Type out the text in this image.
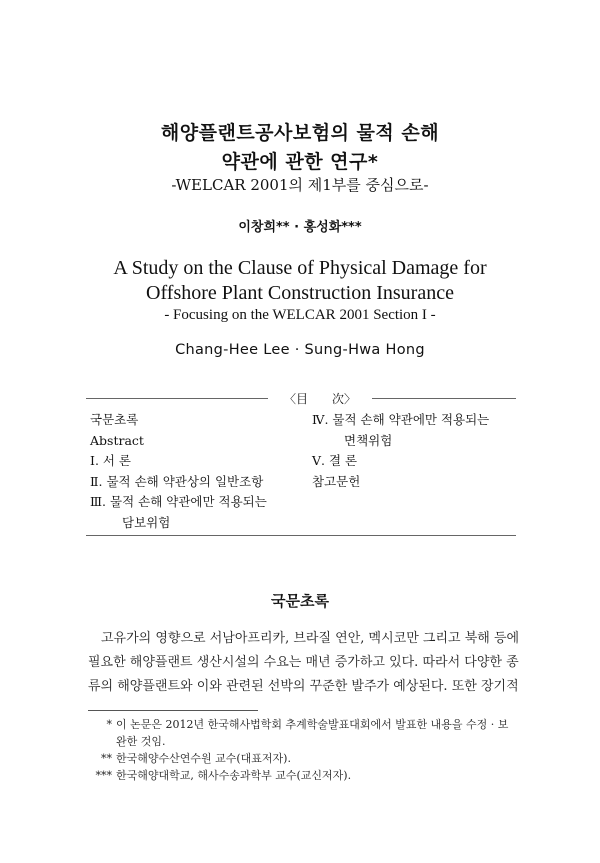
해양플랜트공사보험의 물적 손해
약관에 관한 연구*
-WELCAR 2001의 제1부를 중심으로-
이창희** · 홍성화***
A Study on the Clause of Physical Damage for
Offshore Plant Construction Insurance
- Focusing on the WELCAR 2001 Section I -
Chang-Hee Lee · Sung-Hwa Hong
〈目　　次〉
국문초록
Abstract
Ⅰ. 서 론
Ⅱ. 물적 손해 약관상의 일반조항
Ⅲ. 물적 손해 약관에만 적용되는
담보위험
Ⅳ. 물적 손해 약관에만 적용되는
면책위험
Ⅴ. 결 론
참고문헌
국문초록
고유가의 영향으로 서남아프리카, 브라질 연안, 멕시코만 그리고 북해 등에
필요한 해양플랜트 생산시설의 수요는 매년 증가하고 있다. 따라서 다양한 종
류의 해양플랜트와 이와 관련된 선박의 꾸준한 발주가 예상된다. 또한 장기적
* 이 논문은 2012년 한국해사법학회 추계학술발표대회에서 발표한 내용을 수정 · 보
완한 것임.
** 한국해양수산연수원 교수(대표저자).
*** 한국해양대학교, 해사수송과학부 교수(교신저자).
